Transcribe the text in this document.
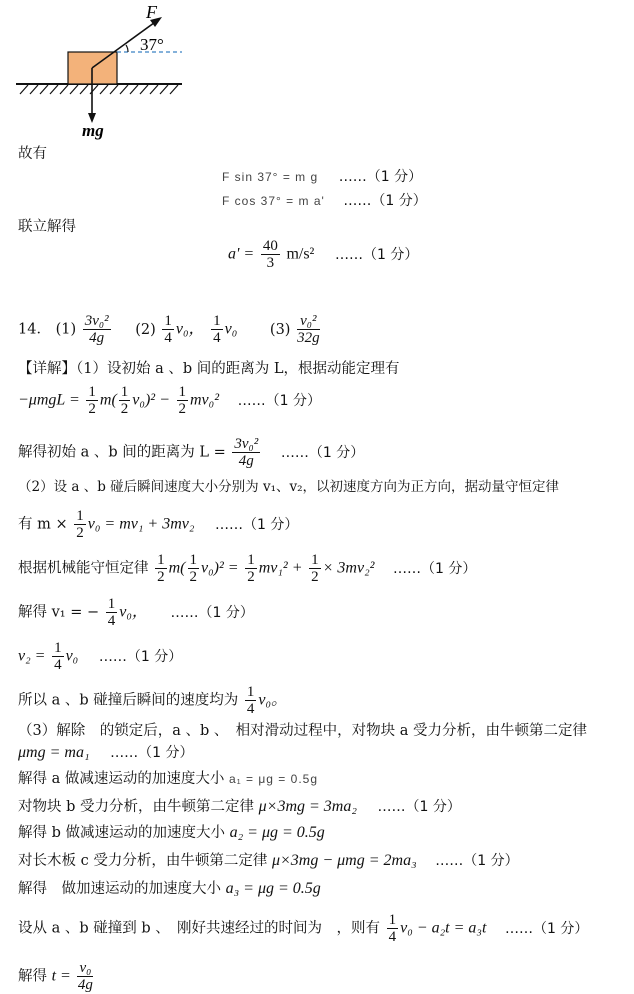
F
37°
mg
故有
F sin 37° = m g ……（1 分）
F cos 37° = m a' ……（1 分）
联立解得
$a' = \frac{40}{3} m/s^2$ ……（1 分）
14． $(1) \frac{\text{3v₀²}}{4g} (2) \frac{1}{4} v_0$， $\frac{1}{4} v_0$ $(3) \frac{\text{v₀²}}{32g}$
【详解】（1）设初始 a 、b 间的距离为 L，根据动能定理有
$-\mu mgL = \frac{1}{2} m( \frac{1}{2} v_0)^2 - \frac{1}{2} mv_0^2$ ……（1 分）
解得初始 a 、b 间的距离为 $L = \frac{\text{3v₀²}}{4g}$ ……（1 分）
（2）设 a 、b 碰后瞬间速度大小分别为 v₁、v₂，以初速度方向为正方向，据动量守恒定律
有 $m \times \frac{1}{2} v_0 = mv_1 + 3mv_2$ ……（1 分）
根据机械能守恒定律 $\frac{1}{2} m( \frac{1}{2} v_0)^2 = \frac{1}{2} mv_1^2 + \frac{1}{2} \times 3mv_2^2$ ……（1 分）
解得 v₁ = − $\frac{1}{4} v_0$， ……（1 分）
$v_2 = \frac{1}{4} v_0$ ……（1 分）
所以 a 、b 碰撞后瞬间的速度均为 $\frac{1}{4} v_0$。
（3）解除　的锁定后，a 、b 、　相对滑动过程中，对物块 a 受力分析，由牛顿第二定律
μmg = ma₁ ……（1 分）
解得 a 做减速运动的加速度大小 a₁ = μg = 0.5g
对物块 b 受力分析，由牛顿第二定律 μ×3mg = 3ma₂ ……（1 分）
解得 b 做减速运动的加速度大小 a₂ = μg = 0.5g
对长木板 c 受力分析，由牛顿第二定律 μ×3mg − μmg = 2ma₃ ……（1 分）
解得　做加速运动的加速度大小 a₃ = μg = 0.5g
设从 a 、b 碰撞到 b 、　刚好共速经过的时间为　，则有 $\frac{1}{4} v_0 - a_2t = a_3t$ ……（1 分）
解得 $t = \frac{\text{v₀}}{4g}$
